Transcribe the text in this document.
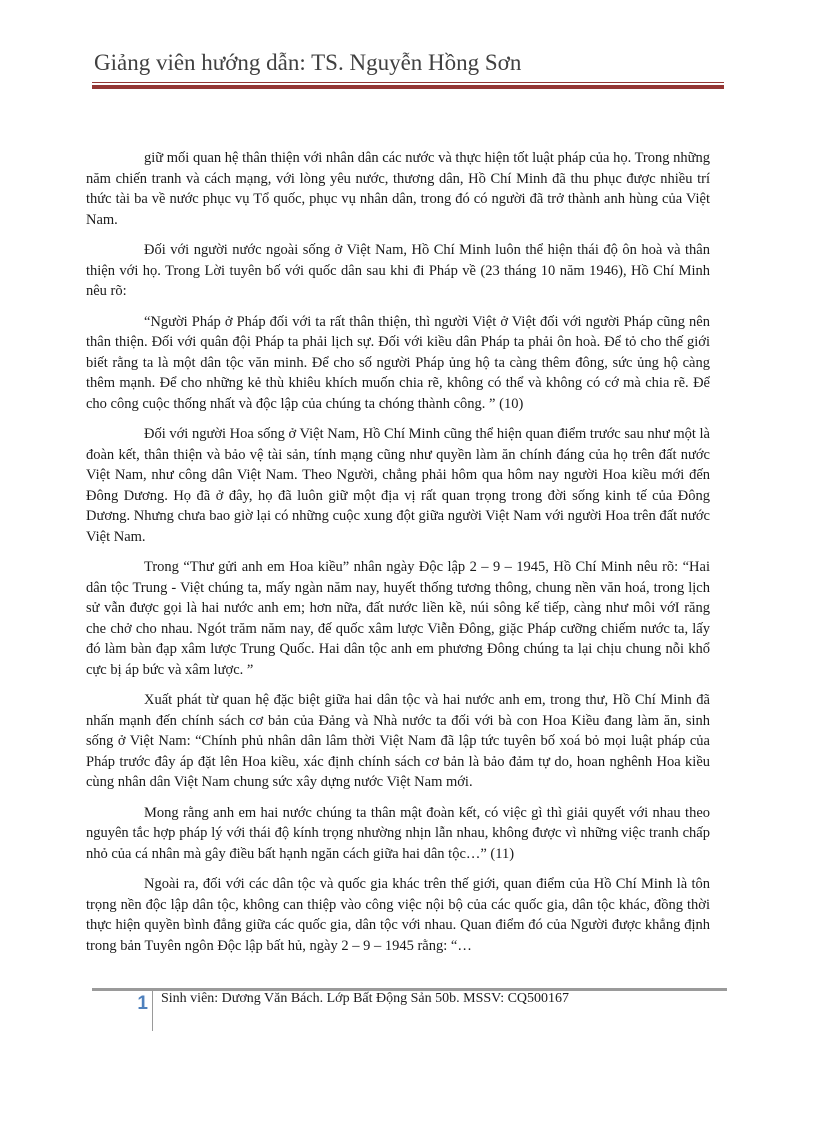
Giảng viên hướng dẫn: TS. Nguyễn Hồng Sơn

giữ mối quan hệ thân thiện với nhân dân các nước và thực hiện tốt luật pháp của họ. Trong những năm chiến tranh và cách mạng, với lòng yêu nước, thương dân, Hồ Chí Minh đã thu phục được nhiều trí thức tài ba về nước phục vụ Tổ quốc, phục vụ nhân dân, trong đó có người đã trở thành anh hùng của Việt Nam.

Đối với người nước ngoài sống ở Việt Nam, Hồ Chí Minh luôn thể hiện thái độ ôn hoà và thân thiện với họ. Trong Lời tuyên bố với quốc dân sau khi đi Pháp về (23 tháng 10 năm 1946), Hồ Chí Minh nêu rõ:

“Người Pháp ở Pháp đối với ta rất thân thiện, thì người Việt ở Việt đối với người Pháp cũng nên thân thiện. Đối với quân đội Pháp ta phải lịch sự. Đối với kiều dân Pháp ta phải ôn hoà. Để tỏ cho thế giới biết rằng ta là một dân tộc văn minh. Để cho số người Pháp ủng hộ ta càng thêm đông, sức ủng hộ càng thêm mạnh. Để cho những kẻ thù khiêu khích muốn chia rẽ, không có thể và không có cớ mà chia rẽ. Để cho công cuộc thống nhất và độc lập của chúng ta chóng thành công. ” (10)

Đối với người Hoa sống ở Việt Nam, Hồ Chí Minh cũng thể hiện quan điểm trước sau như một là đoàn kết, thân thiện và bảo vệ tài sản, tính mạng cũng như quyền làm ăn chính đáng của họ trên đất nước Việt Nam, như công dân Việt Nam. Theo Người, chẳng phải hôm qua hôm nay người Hoa kiều mới đến Đông Dương. Họ đã ở đây, họ đã luôn giữ một địa vị rất quan trọng trong đời sống kinh tế của Đông Dương. Nhưng chưa bao giờ lại có những cuộc xung đột giữa người Việt Nam với người Hoa trên đất nước Việt Nam.

Trong “Thư gửi anh em Hoa kiều” nhân ngày Độc lập 2 – 9 – 1945, Hồ Chí Minh nêu rõ: “Hai dân tộc Trung - Việt chúng ta, mấy ngàn năm nay, huyết thống tương thông, chung nền văn hoá, trong lịch sử vẫn được gọi là hai nước anh em; hơn nữa, đất nước liền kề, núi sông kế tiếp, càng như môi vớI răng che chở cho nhau. Ngót trăm năm nay, đế quốc xâm lược Viễn Đông, giặc Pháp cưỡng chiếm nước ta, lấy đó làm bàn đạp xâm lược Trung Quốc. Hai dân tộc anh em phương Đông chúng ta lại chịu chung nỗi khổ cực bị áp bức và xâm lược. ”

Xuất phát từ quan hệ đặc biệt giữa hai dân tộc và hai nước anh em, trong thư, Hồ Chí Minh đã nhấn mạnh đến chính sách cơ bản của Đảng và Nhà nước ta đối với bà con Hoa Kiều đang làm ăn, sinh sống ở Việt Nam: “Chính phủ nhân dân lâm thời Việt Nam đã lập tức tuyên bố xoá bỏ mọi luật pháp của Pháp trước đây áp đặt lên Hoa kiều, xác định chính sách cơ bản là bảo đảm tự do, hoan nghênh Hoa kiều cùng nhân dân Việt Nam chung sức xây dựng nước Việt Nam mới.

Mong rằng anh em hai nước chúng ta thân mật đoàn kết, có việc gì thì giải quyết với nhau theo nguyên tắc hợp pháp lý với thái độ kính trọng nhường nhịn lẫn nhau, không được vì những việc tranh chấp nhỏ của cá nhân mà gây điều bất hạnh ngăn cách giữa hai dân tộc…” (11)

Ngoài ra, đối với các dân tộc và quốc gia khác trên thế giới, quan điểm của Hồ Chí Minh là tôn trọng nền độc lập dân tộc, không can thiệp vào công việc nội bộ của các quốc gia, dân tộc khác, đồng thời thực hiện quyền bình đẳng giữa các quốc gia, dân tộc với nhau. Quan điểm đó của Người được khẳng định trong bản Tuyên ngôn Độc lập bất hủ, ngày 2 – 9 – 1945 rằng: “…

1 Sinh viên: Dương Văn Bách. Lớp Bất Động Sản 50b. MSSV: CQ500167
